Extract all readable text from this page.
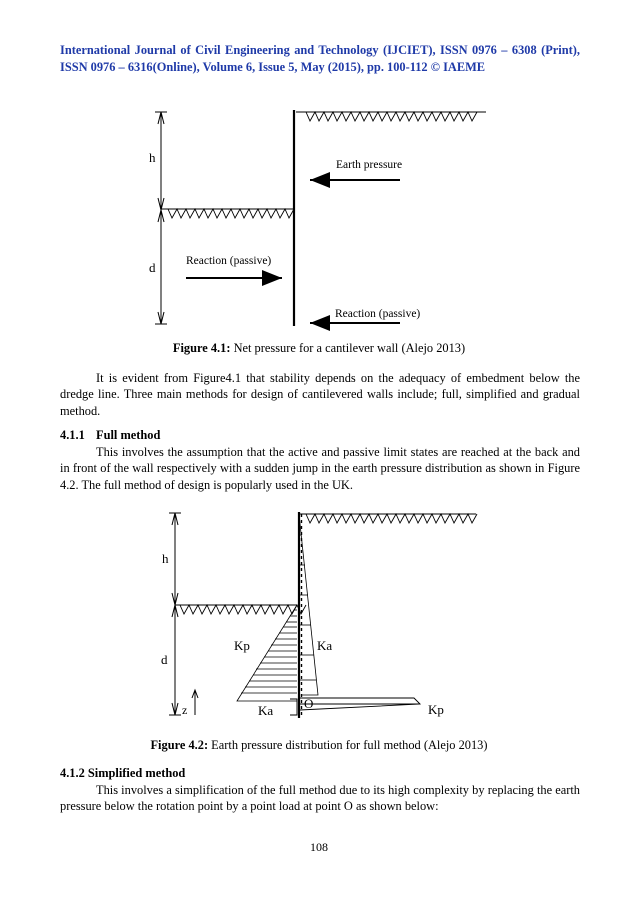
International Journal of Civil Engineering and Technology (IJCIET), ISSN 0976 – 6308 (Print),

ISSN 0976 – 6316(Online), Volume 6, Issue 5, May (2015), pp. 100-112 © IAEME
h
d
Earth pressure
Reaction (passive)
Reaction (passive)
Figure 4.1: Net pressure for a cantilever wall (Alejo 2013)
It is evident from Figure4.1 that stability depends on the adequacy of embedment below the dredge line. Three main methods for design of cantilevered walls include; full, simplified and gradual method.
4.1.1 Full method
This involves the assumption that the active and passive limit states are reached at the back and in front of the wall respectively with a sudden jump in the earth pressure distribution as shown in Figure 4.2. The full method of design is popularly used in the UK.
h
d
z
Kp	Ka
Ka O	Kp
Figure 4.2: Earth pressure distribution for full method (Alejo 2013)
4.1.2 Simplified method
This involves a simplification of the full method due to its high complexity by replacing the earth pressure below the rotation point by a point load at point O as shown below:
108
